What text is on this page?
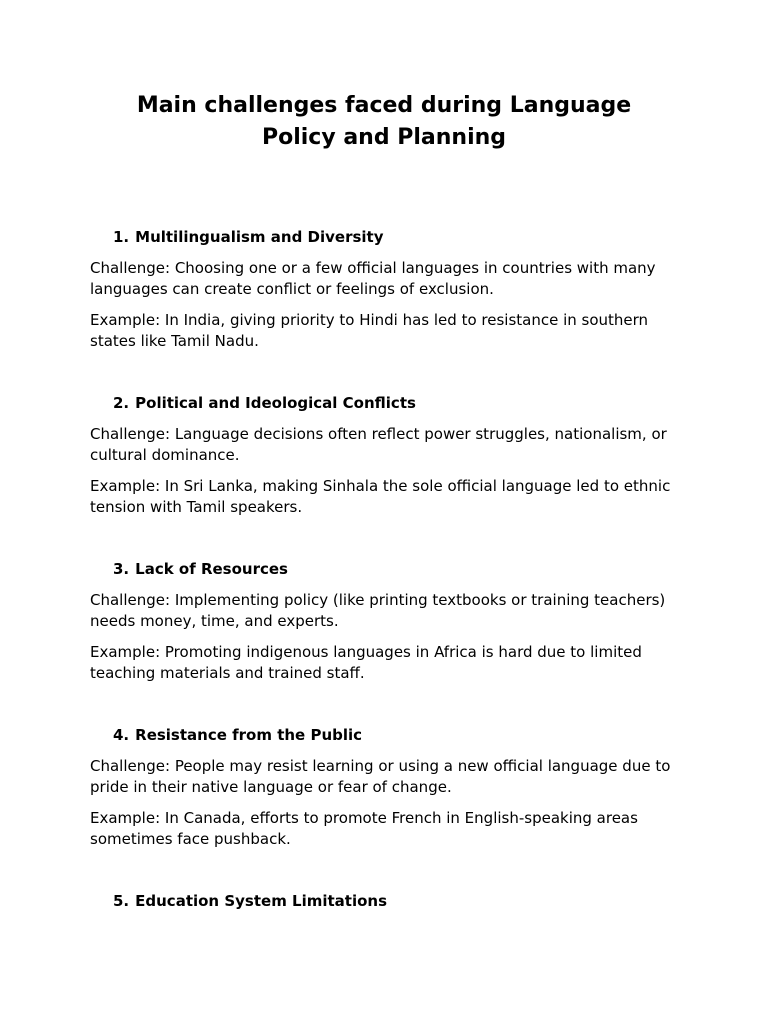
Main challenges faced during Language Policy and Planning
1. Multilingualism and Diversity

Challenge: Choosing one or a few official languages in countries with many languages can create conflict or feelings of exclusion.

Example: In India, giving priority to Hindi has led to resistance in southern states like Tamil Nadu.

2. Political and Ideological Conflicts

Challenge: Language decisions often reflect power struggles, nationalism, or cultural dominance.

Example: In Sri Lanka, making Sinhala the sole official language led to ethnic tension with Tamil speakers.

3. Lack of Resources

Challenge: Implementing policy (like printing textbooks or training teachers) needs money, time, and experts.

Example: Promoting indigenous languages in Africa is hard due to limited teaching materials and trained staff.

4. Resistance from the Public

Challenge: People may resist learning or using a new official language due to pride in their native language or fear of change.

Example: In Canada, efforts to promote French in English-speaking areas sometimes face pushback.

5. Education System Limitations
